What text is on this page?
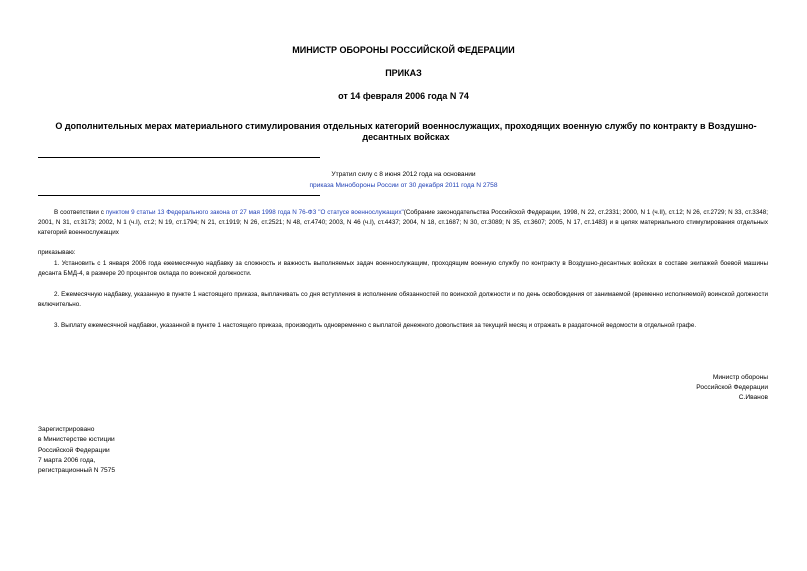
МИНИСТР ОБОРОНЫ РОССИЙСКОЙ ФЕДЕРАЦИИ
ПРИКАЗ
от 14 февраля 2006 года N 74
О дополнительных мерах материального стимулирования отдельных категорий военнослужащих, проходящих военную службу по контракту в Воздушно-десантных войсках
Утратил силу с 8 июня 2012 года на основании
приказа Минобороны России от 30 декабря 2011 года N 2758
В соответствии с пунктом 9 статьи 13 Федерального закона от 27 мая 1998 года N 76-ФЗ "О статусе военнослужащих"(Собрание законодательства Российской Федерации, 1998, N 22, ст.2331; 2000, N 1 (ч.II), ст.12; N 26, ст.2729; N 33, ст.3348; 2001, N 31, ст.3173; 2002, N 1 (ч.I), ст.2; N 19, ст.1794; N 21, ст.1919; N 26, ст.2521; N 48, ст.4740; 2003, N 46 (ч.I), ст.4437; 2004, N 18, ст.1687; N 30, ст.3089; N 35, ст.3607; 2005, N 17, ст.1483) и в целях материального стимулирования отдельных категорий военнослужащих
приказываю:
1. Установить с 1 января 2006 года ежемесячную надбавку за сложность и важность выполняемых задач военнослужащим, проходящим военную службу по контракту в Воздушно-десантных войсках в составе экипажей боевой машины десанта БМД-4, в размере 20 процентов оклада по воинской должности.
2. Ежемесячную надбавку, указанную в пункте 1 настоящего приказа, выплачивать со дня вступления в исполнение обязанностей по воинской должности и по день освобождения от занимаемой (временно исполняемой) воинской должности включительно.
3. Выплату ежемесячной надбавки, указанной в пункте 1 настоящего приказа, производить одновременно с выплатой денежного довольствия за текущий месяц и отражать в раздаточной ведомости в отдельной графе.
Министр обороны
Российской Федерации
С.Иванов
Зарегистрировано
в Министерстве юстиции
Российской Федерации
7 марта 2006 года,
регистрационный N 7575
